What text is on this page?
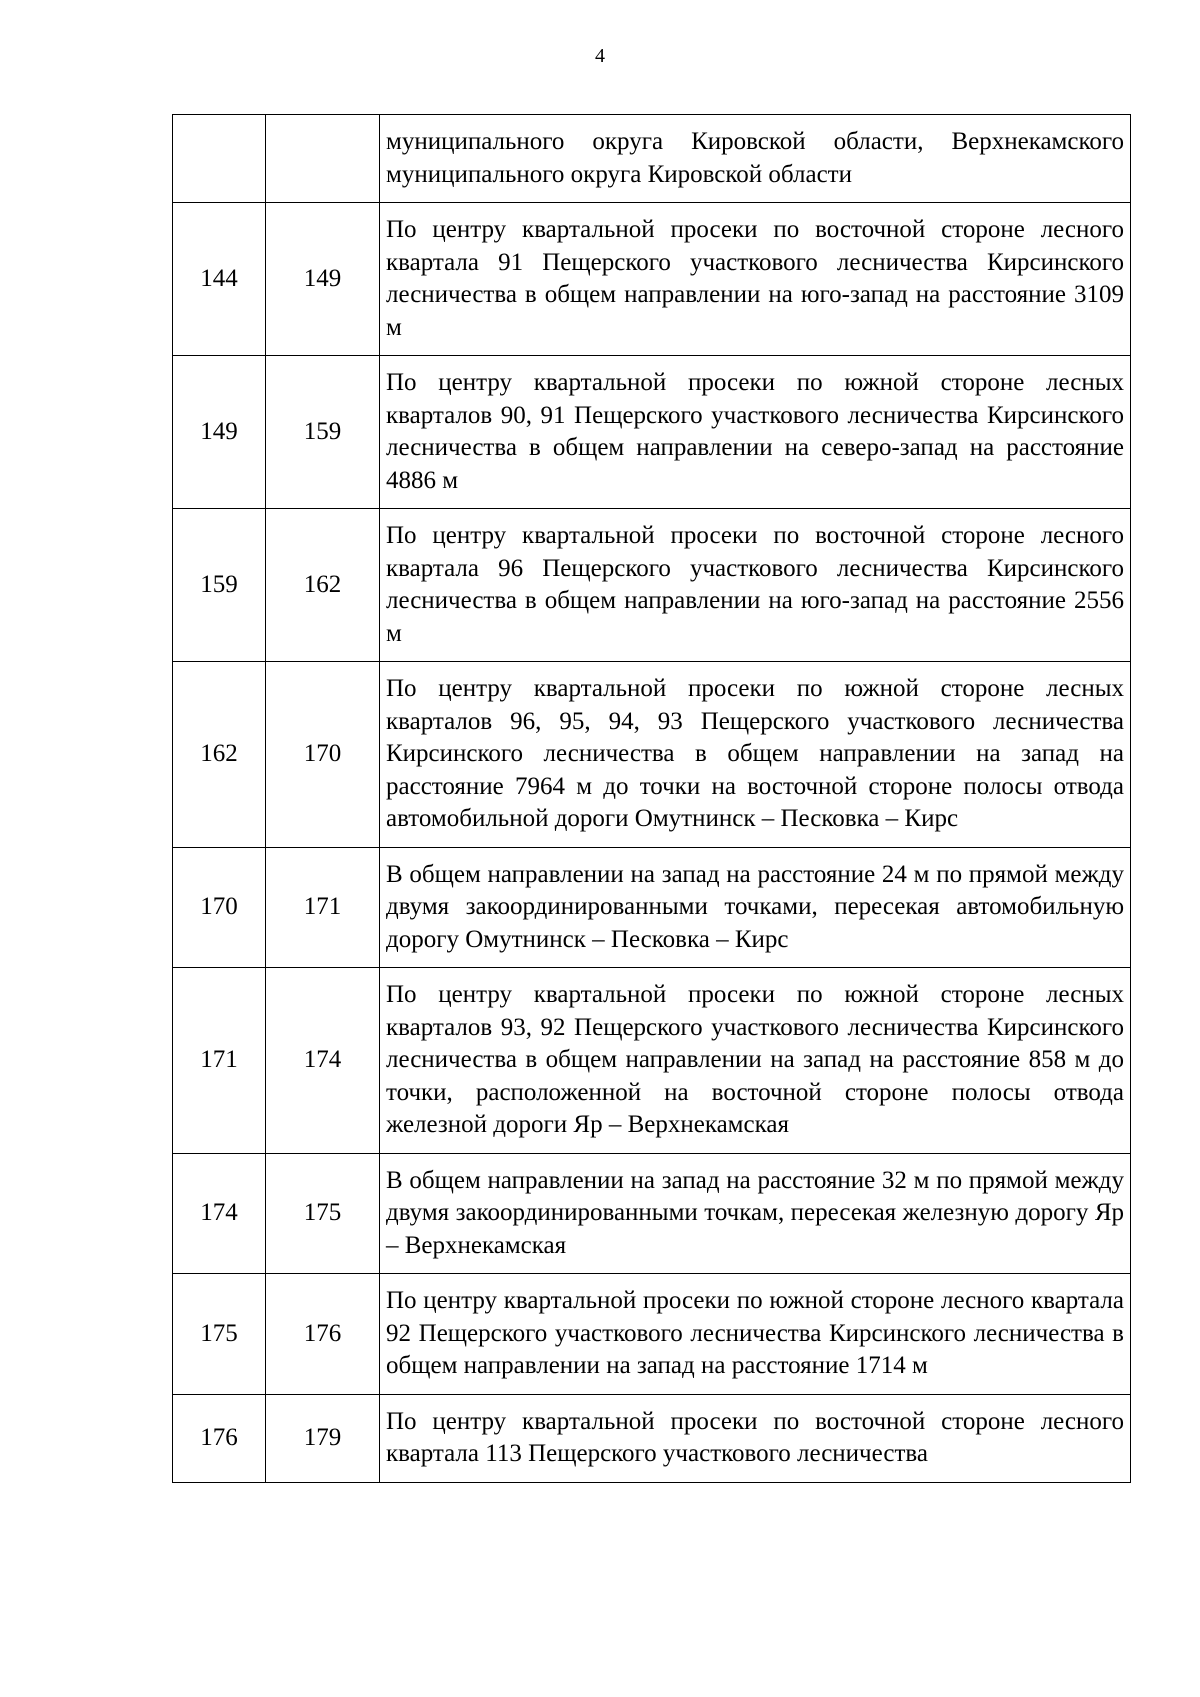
4
		муниципального округа Кировской области, Верхнекамского муниципального округа Кировской области
144	149	По центру квартальной просеки по восточной стороне лесного квартала 91 Пещерского участкового лесничества Кирсинского лесничества в общем направлении на юго-запад на расстояние 3109 м
149	159	По центру квартальной просеки по южной стороне лесных кварталов 90, 91 Пещерского участкового лесничества Кирсинского лесничества в общем направлении на северо-запад на расстояние 4886 м
159	162	По центру квартальной просеки по восточной стороне лесного квартала 96 Пещерского участкового лесничества Кирсинского лесничества в общем направлении на юго-запад на расстояние 2556 м
162	170	По центру квартальной просеки по южной стороне лесных кварталов 96, 95, 94, 93 Пещерского участкового лесничества Кирсинского лесничества в общем направлении на запад на расстояние 7964 м до точки на восточной стороне полосы отвода автомобильной дороги Омутнинск – Песковка – Кирс
170	171	В общем направлении на запад на расстояние 24 м по прямой между двумя закоординированными точками, пересекая автомобильную дорогу Омутнинск – Песковка – Кирс
171	174	По центру квартальной просеки по южной стороне лесных кварталов 93, 92 Пещерского участкового лесничества Кирсинского лесничества в общем направлении на запад на расстояние 858 м до точки, расположенной на восточной стороне полосы отвода железной дороги Яр – Верхнекамская
174	175	В общем направлении на запад на расстояние 32 м по прямой между двумя закоординированными точкам, пересекая железную дорогу Яр – Верхнекамская
175	176	По центру квартальной просеки по южной стороне лесного квартала 92 Пещерского участкового лесничества Кирсинского лесничества в общем направлении на запад на расстояние 1714 м
176	179	По центру квартальной просеки по восточной стороне лесного квартала 113 Пещерского участкового лесничества
